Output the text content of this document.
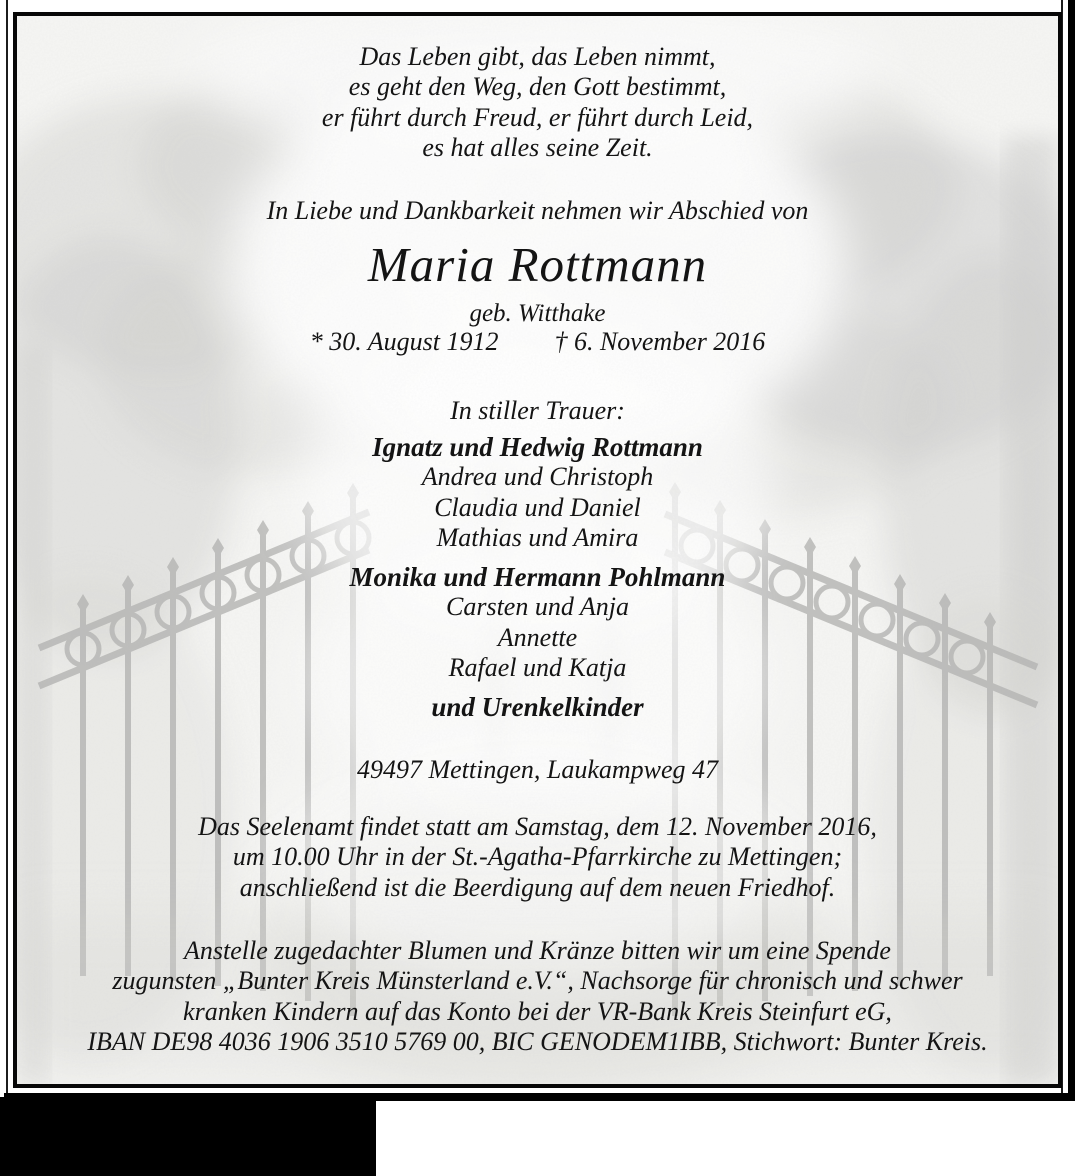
Das Leben gibt, das Leben nimmt,
es geht den Weg, den Gott bestimmt,
er führt durch Freud, er führt durch Leid,
es hat alles seine Zeit.
In Liebe und Dankbarkeit nehmen wir Abschied von
Maria Rottmann
geb. Witthake
* 30. August 1912 † 6. November 2016
In stiller Trauer:
Ignatz und Hedwig Rottmann
Andrea und Christoph
Claudia und Daniel
Mathias und Amira
Monika und Hermann Pohlmann
Carsten und Anja
Annette
Rafael und Katja
und Urenkelkinder
49497 Mettingen, Laukampweg 47
Das Seelenamt findet statt am Samstag, dem 12. November 2016,
um 10.00 Uhr in der St.-Agatha-Pfarrkirche zu Mettingen;
anschließend ist die Beerdigung auf dem neuen Friedhof.
Anstelle zugedachter Blumen und Kränze bitten wir um eine Spende
zugunsten „Bunter Kreis Münsterland e.V.“, Nachsorge für chronisch und schwer
kranken Kindern auf das Konto bei der VR-Bank Kreis Steinfurt eG,
IBAN DE98 4036 1906 3510 5769 00, BIC GENODEM1IBB, Stichwort: Bunter Kreis.
